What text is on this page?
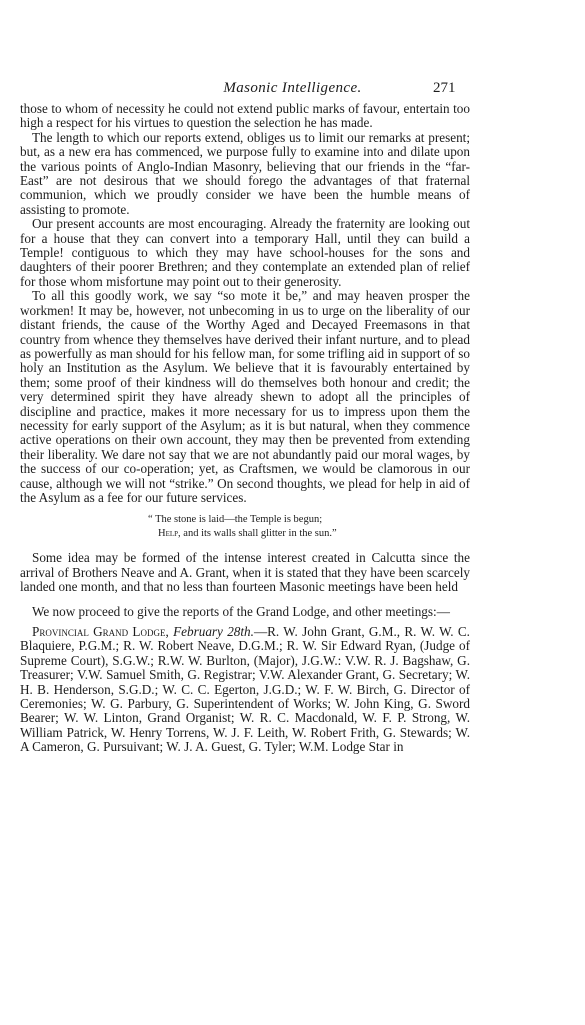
Masonic Intelligence.	271

those to whom of necessity he could not extend public marks of favour, entertain too high a respect for his virtues to question the selection he has made.

The length to which our reports extend, obliges us to limit our remarks at present; but, as a new era has commenced, we purpose fully to examine into and dilate upon the various points of Anglo-Indian Masonry, believing that our friends in the “far-East” are not desirous that we should forego the advantages of that fraternal communion, which we proudly consider we have been the humble means of assisting to promote.

Our present accounts are most encouraging. Already the fraternity are looking out for a house that they can convert into a temporary Hall, until they can build a Temple! contiguous to which they may have school-houses for the sons and daughters of their poorer Brethren; and they contemplate an extended plan of relief for those whom misfortune may point out to their generosity.

To all this goodly work, we say “so mote it be,” and may heaven prosper the workmen! It may be, however, not unbecoming in us to urge on the liberality of our distant friends, the cause of the Worthy Aged and Decayed Freemasons in that country from whence they themselves have derived their infant nurture, and to plead as powerfully as man should for his fellow man, for some trifling aid in support of so holy an Institution as the Asylum. We believe that it is favourably entertained by them; some proof of their kindness will do themselves both honour and credit; the very determined spirit they have already shewn to adopt all the principles of discipline and practice, makes it more necessary for us to impress upon them the necessity for early support of the Asylum; as it is but natural, when they commence active operations on their own account, they may then be prevented from extending their liberality. We dare not say that we are not abundantly paid our moral wages, by the success of our co-operation; yet, as Craftsmen, we would be clamorous in our cause, although we will not “strike.” On second thoughts, we plead for help in aid of the Asylum as a fee for our future services.

“ The stone is laid—the Temple is begun;
Help, and its walls shall glitter in the sun.”

Some idea may be formed of the intense interest created in Calcutta since the arrival of Brothers Neave and A. Grant, when it is stated that they have been scarcely landed one month, and that no less than fourteen Masonic meetings have been held

We now proceed to give the reports of the Grand Lodge, and other meetings:—

Provincial Grand Lodge, February 28th.—R. W. John Grant, G.M., R. W. W. C. Blaquiere, P.G.M.; R. W. Robert Neave, D.G.M.; R. W. Sir Edward Ryan, (Judge of Supreme Court), S.G.W.; R.W. W. Burlton, (Major), J.G.W.: V.W. R. J. Bagshaw, G. Treasurer; V.W. Samuel Smith, G. Registrar; V.W. Alexander Grant, G. Secretary; W. H. B. Henderson, S.G.D.; W. C. C. Egerton, J.G.D.; W. F. W. Birch, G. Director of Ceremonies; W. G. Parbury, G. Superintendent of Works; W. John King, G. Sword Bearer; W. W. Linton, Grand Organist; W. R. C. Macdonald, W. F. P. Strong, W. William Patrick, W. Henry Torrens, W. J. F. Leith, W. Robert Frith, G. Stewards; W. A Cameron, G. Pursuivant; W. J. A. Guest, G. Tyler; W.M. Lodge Star in
